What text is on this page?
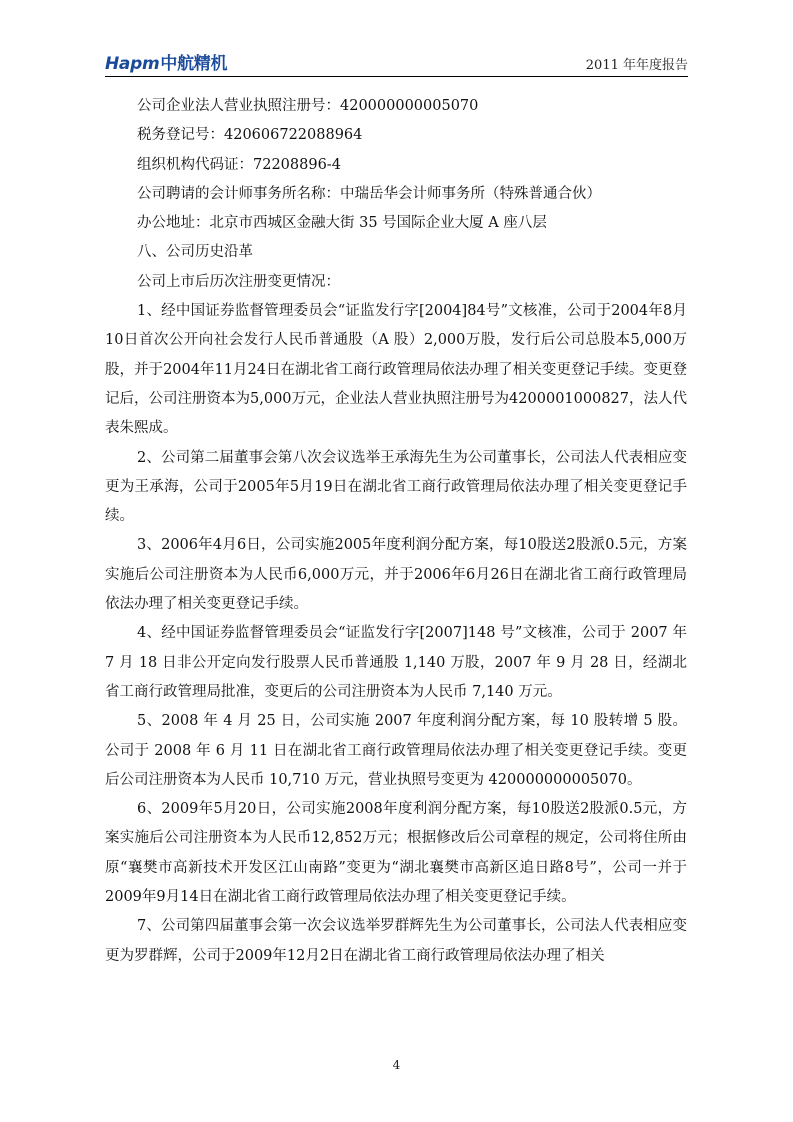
Hapm中航精机	2011 年年度报告
公司企业法人营业执照注册号：420000000005070
税务登记号：420606722088964
组织机构代码证：72208896-4
公司聘请的会计师事务所名称：中瑞岳华会计师事务所（特殊普通合伙）
办公地址：北京市西城区金融大街 35 号国际企业大厦 A 座八层
八、公司历史沿革
公司上市后历次注册变更情况：

1、经中国证券监督管理委员会“证监发行字[2004]84号”文核准，公司于2004年8月10日首次公开向社会发行人民币普通股（A 股）2,000万股，发行后公司总股本5,000万股，并于2004年11月24日在湖北省工商行政管理局依法办理了相关变更登记手续。变更登记后，公司注册资本为5,000万元，企业法人营业执照注册号为4200001000827，法人代表朱熙成。

2、公司第二届董事会第八次会议选举王承海先生为公司董事长，公司法人代表相应变更为王承海，公司于2005年5月19日在湖北省工商行政管理局依法办理了相关变更登记手续。

3、2006年4月6日，公司实施2005年度利润分配方案，每10股送2股派0.5元，方案实施后公司注册资本为人民币6,000万元，并于2006年6月26日在湖北省工商行政管理局依法办理了相关变更登记手续。

4、经中国证券监督管理委员会“证监发行字[2007]148 号”文核准，公司于 2007 年 7 月 18 日非公开定向发行股票人民币普通股 1,140 万股，2007 年 9 月 28 日，经湖北省工商行政管理局批准，变更后的公司注册资本为人民币 7,140 万元。

5、2008 年 4 月 25 日，公司实施 2007 年度利润分配方案，每 10 股转增 5 股。公司于 2008 年 6 月 11 日在湖北省工商行政管理局依法办理了相关变更登记手续。变更后公司注册资本为人民币 10,710 万元，营业执照号变更为 420000000005070。

6、2009年5月20日，公司实施2008年度利润分配方案，每10股送2股派0.5元，方案实施后公司注册资本为人民币12,852万元；根据修改后公司章程的规定，公司将住所由原“襄樊市高新技术开发区江山南路”变更为“湖北襄樊市高新区追日路8号”，公司一并于2009年9月14日在湖北省工商行政管理局依法办理了相关变更登记手续。

7、公司第四届董事会第一次会议选举罗群辉先生为公司董事长，公司法人代表相应变更为罗群辉，公司于2009年12月2日在湖北省工商行政管理局依法办理了相关

4
